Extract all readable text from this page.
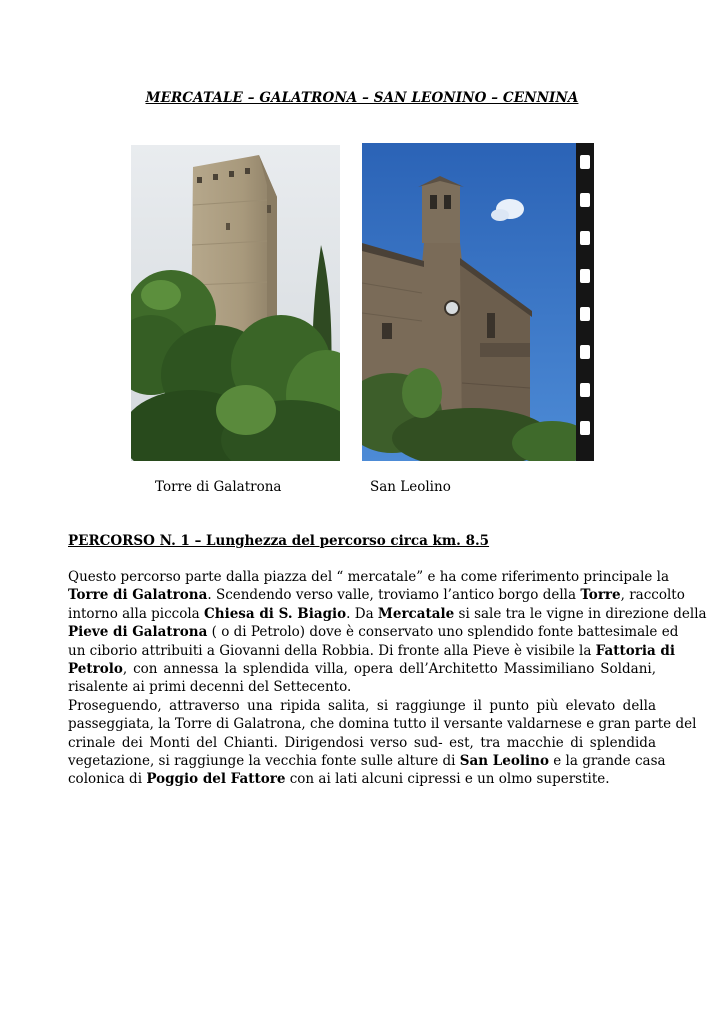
MERCATALE – GALATRONA – SAN LEONINO – CENNINA
Torre di Galatrona	San Leolino
PERCORSO N. 1 – Lunghezza del percorso circa km. 8.5
Questo percorso parte dalla piazza del “ mercatale” e ha come riferimento principale la
Torre di Galatrona. Scendendo verso valle, troviamo l’antico borgo della Torre, raccolto
intorno alla piccola Chiesa di S. Biagio. Da Mercatale si sale tra le vigne in direzione della
Pieve di Galatrona ( o di Petrolo) dove è conservato uno splendido fonte battesimale ed
un ciborio attribuiti a Giovanni della Robbia. Di fronte alla Pieve è visibile la Fattoria di
Petrolo, con annessa la splendida villa, opera dell’Architetto Massimiliano Soldani,
risalente ai primi decenni del Settecento.
Proseguendo, attraverso una ripida salita, si raggiunge il punto più elevato della
passeggiata, la Torre di Galatrona, che domina tutto il versante valdarnese e gran parte del
crinale dei Monti del Chianti. Dirigendosi verso sud- est, tra macchie di splendida
vegetazione, si raggiunge la vecchia fonte sulle alture di San Leolino e la grande casa
colonica di Poggio del Fattore con ai lati alcuni cipressi e un olmo superstite.
